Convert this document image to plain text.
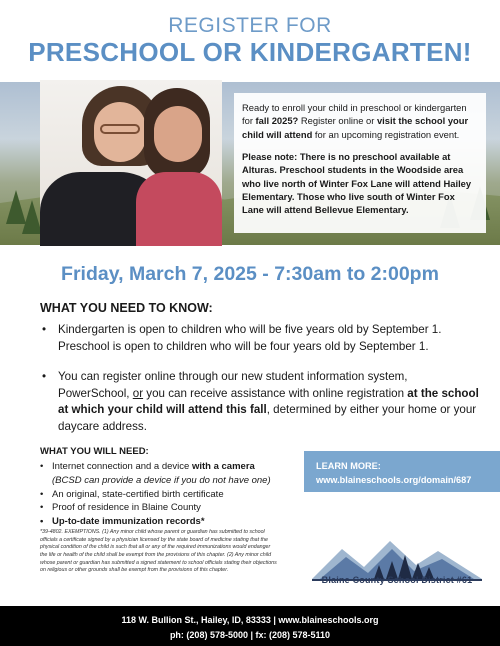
REGISTER FOR
PRESCHOOL OR KINDERGARTEN!

Ready to enroll your child in preschool or kindergarten for fall 2025? Register online or visit the school your child will attend for an upcoming registration event.

Please note: There is no preschool available at Alturas. Preschool students in the Woodside area who live north of Winter Fox Lane will attend Hailey Elementary. Those who live south of Winter Fox Lane will attend Bellevue Elementary.

Friday, March 7, 2025 - 7:30am to 2:00pm
WHAT YOU NEED TO KNOW:
• Kindergarten is open to children who will be five years old by September 1. Preschool is open to children who will be four years old by September 1.
• You can register online through our new student information system, PowerSchool, or you can receive assistance with online registration at the school at which your child will attend this fall, determined by either your home or your daycare address.
WHAT YOU WILL NEED:
• Internet connection and a device with a camera
(BCSD can provide a device if you do not have one)
• An original, state-certified birth certificate
• Proof of residence in Blaine County
• Up-to-date immunization records*
*39-4802. EXEMPTIONS. (1) Any minor child whose parent or guardian has submitted to school officials a certificate signed by a physician licensed by the state board of medicine stating that the physical condition of the child is such that all or any of the required immunizations would endanger the life or health of the child shall be exempt from the provisions of this chapter. (2) Any minor child whose parent or guardian has submitted a signed statement to school officials stating their objections on religious or other grounds shall be exempt from the provisions of this chapter.
LEARN MORE:
www.blaineschools.org/domain/687
Blaine County School District #61
118 W. Bullion St., Hailey, ID, 83333 | www.blaineschools.org
ph: (208) 578-5000 | fx: (208) 578-5110
